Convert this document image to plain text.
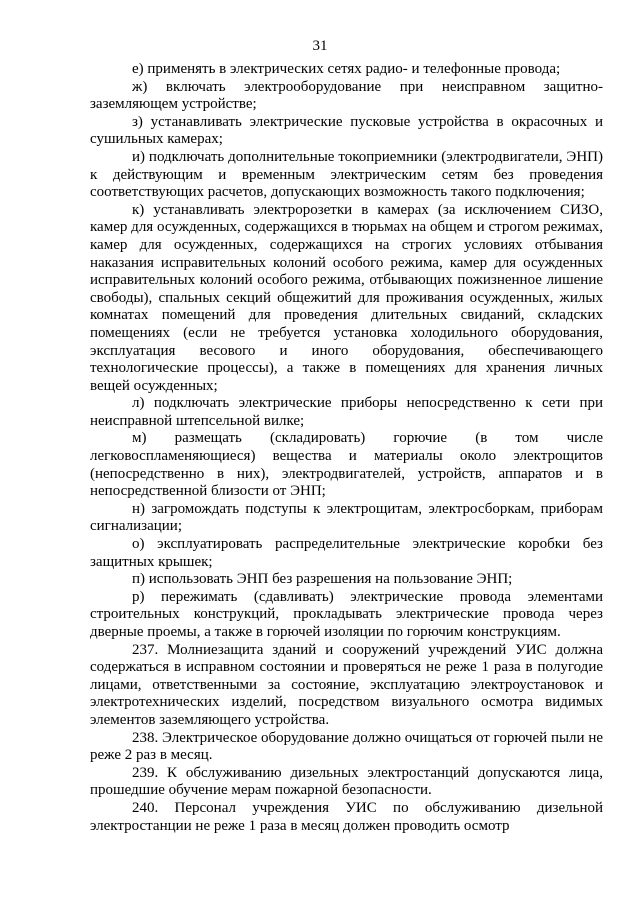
31

е) применять в электрических сетях радио- и телефонные провода;

ж) включать электрооборудование при неисправном защитно-заземляющем устройстве;

з) устанавливать электрические пусковые устройства в окрасочных и сушильных камерах;

и) подключать дополнительные токоприемники (электродвигатели, ЭНП) к действующим и временным электрическим сетям без проведения соответствующих расчетов, допускающих возможность такого подключения;

к) устанавливать электророзетки в камерах (за исключением СИЗО, камер для осужденных, содержащихся в тюрьмах на общем и строгом режимах, камер для осужденных, содержащихся на строгих условиях отбывания наказания исправительных колоний особого режима, камер для осужденных исправительных колоний особого режима, отбывающих пожизненное лишение свободы), спальных секций общежитий для проживания осужденных, жилых комнатах помещений для проведения длительных свиданий, складских помещениях (если не требуется установка холодильного оборудования, эксплуатация весового и иного оборудования, обеспечивающего технологические процессы), а также в помещениях для хранения личных вещей осужденных;

л) подключать электрические приборы непосредственно к сети при неисправной штепсельной вилке;

м) размещать (складировать) горючие (в том числе легковоспламеняющиеся) вещества и материалы около электрощитов (непосредственно в них), электродвигателей, устройств, аппаратов и в непосредственной близости от ЭНП;

н) загромождать подступы к электрощитам, электросборкам, приборам сигнализации;

о) эксплуатировать распределительные электрические коробки без защитных крышек;

п) использовать ЭНП без разрешения на пользование ЭНП;

р) пережимать (сдавливать) электрические провода элементами строительных конструкций, прокладывать электрические провода через дверные проемы, а также в горючей изоляции по горючим конструкциям.

237. Молниезащита зданий и сооружений учреждений УИС должна содержаться в исправном состоянии и проверяться не реже 1 раза в полугодие лицами, ответственными за состояние, эксплуатацию электроустановок и электротехнических изделий, посредством визуального осмотра видимых элементов заземляющего устройства.

238. Электрическое оборудование должно очищаться от горючей пыли не реже 2 раз в месяц.

239. К обслуживанию дизельных электростанций допускаются лица, прошедшие обучение мерам пожарной безопасности.

240. Персонал учреждения УИС по обслуживанию дизельной электростанции не реже 1 раза в месяц должен проводить осмотр
